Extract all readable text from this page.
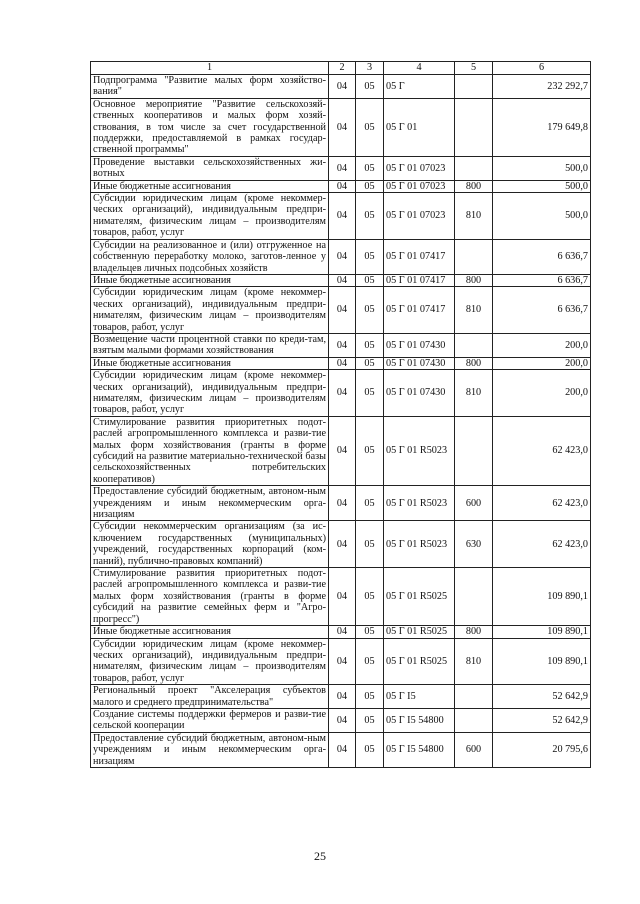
1	2	3	4	5	6
Подпрограмма "Развитие малых форм хозяйство-вания"	04	05	05 Г		232 292,7
Основное мероприятие "Развитие сельскохозяй-ственных кооперативов и малых форм хозяй-ствования, в том числе за счет государственной поддержки, предоставляемой в рамках государ-ственной программы"	04	05	05 Г 01		179 649,8
Проведение выставки сельскохозяйственных жи-вотных	04	05	05 Г 01 07023		500,0
Иные бюджетные ассигнования	04	05	05 Г 01 07023	800	500,0
Субсидии юридическим лицам (кроме некоммер-ческих организаций), индивидуальным предпри-нимателям, физическим лицам – производителям товаров, работ, услуг	04	05	05 Г 01 07023	810	500,0
Субсидии на реализованное и (или) отгруженное на собственную переработку молоко, заготов-ленное у владельцев личных подсобных хозяйств	04	05	05 Г 01 07417		6 636,7
Иные бюджетные ассигнования	04	05	05 Г 01 07417	800	6 636,7
Субсидии юридическим лицам (кроме некоммер-ческих организаций), индивидуальным предпри-нимателям, физическим лицам – производителям товаров, работ, услуг	04	05	05 Г 01 07417	810	6 636,7
Возмещение части процентной ставки по креди-там, взятым малыми формами хозяйствования	04	05	05 Г 01 07430		200,0
Иные бюджетные ассигнования	04	05	05 Г 01 07430	800	200,0
Субсидии юридическим лицам (кроме некоммер-ческих организаций), индивидуальным предпри-нимателям, физическим лицам – производителям товаров, работ, услуг	04	05	05 Г 01 07430	810	200,0
Стимулирование развития приоритетных подот-раслей агропромышленного комплекса и разви-тие малых форм хозяйствования (гранты в форме субсидий на развитие материально-технической базы сельскохозяйственных потребительских кооперативов)	04	05	05 Г 01 R5023		62 423,0
Предоставление субсидий бюджетным, автоном-ным учреждениям и иным некоммерческим орга-низациям	04	05	05 Г 01 R5023	600	62 423,0
Субсидии некоммерческим организациям (за ис-ключением государственных (муниципальных) учреждений, государственных корпораций (ком-паний), публично-правовых компаний)	04	05	05 Г 01 R5023	630	62 423,0
Стимулирование развития приоритетных подот-раслей агропромышленного комплекса и разви-тие малых форм хозяйствования (гранты в форме субсидий на развитие семейных ферм и "Агро-прогресс")	04	05	05 Г 01 R5025		109 890,1
Иные бюджетные ассигнования	04	05	05 Г 01 R5025	800	109 890,1
Субсидии юридическим лицам (кроме некоммер-ческих организаций), индивидуальным предпри-нимателям, физическим лицам – производителям товаров, работ, услуг	04	05	05 Г 01 R5025	810	109 890,1
Региональный проект "Акселерация субъектов малого и среднего предпринимательства"	04	05	05 Г I5		52 642,9
Создание системы поддержки фермеров и разви-тие сельской кооперации	04	05	05 Г I5 54800		52 642,9
Предоставление субсидий бюджетным, автоном-ным учреждениям и иным некоммерческим орга-низациям	04	05	05 Г I5 54800	600	20 795,6
25
